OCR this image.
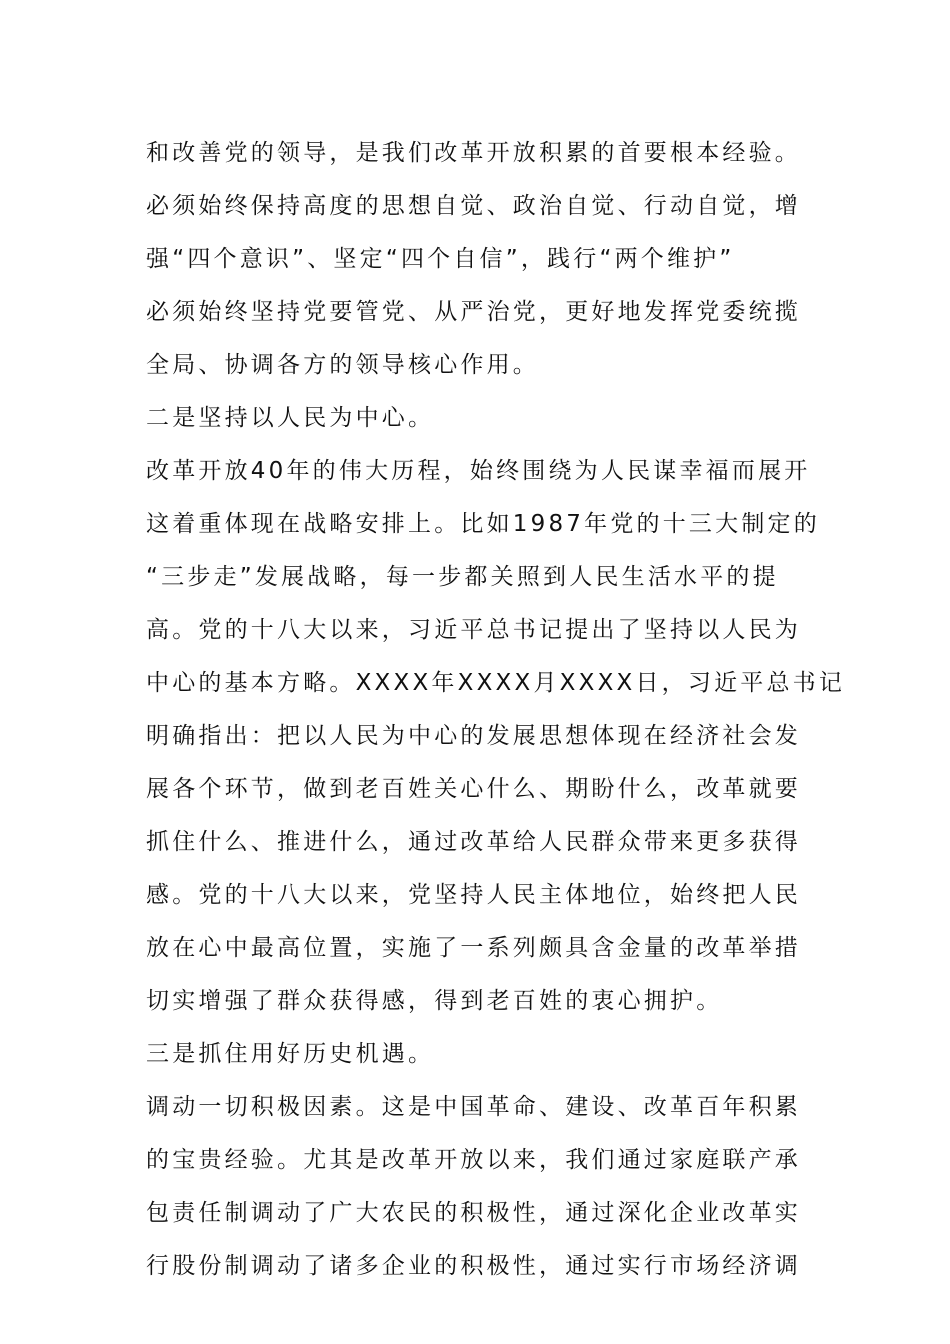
和改善党的领导，是我们改革开放积累的首要根本经验。
必须始终保持高度的思想自觉、政治自觉、行动自觉，增
强“四个意识”、坚定“四个自信”，践行“两个维护”
必须始终坚持党要管党、从严治党，更好地发挥党委统揽
全局、协调各方的领导核心作用。
二是坚持以人民为中心。
改革开放40年的伟大历程，始终围绕为人民谋幸福而展开
这着重体现在战略安排上。比如1987年党的十三大制定的
“三步走”发展战略，每一步都关照到人民生活水平的提
高。党的十八大以来，习近平总书记提出了坚持以人民为
中心的基本方略。XXXX年XXXX月XXXX日，习近平总书记
明确指出：把以人民为中心的发展思想体现在经济社会发
展各个环节，做到老百姓关心什么、期盼什么，改革就要
抓住什么、推进什么，通过改革给人民群众带来更多获得
感。党的十八大以来，党坚持人民主体地位，始终把人民
放在心中最高位置，实施了一系列颇具含金量的改革举措
切实增强了群众获得感，得到老百姓的衷心拥护。
三是抓住用好历史机遇。
调动一切积极因素。这是中国革命、建设、改革百年积累
的宝贵经验。尤其是改革开放以来，我们通过家庭联产承
包责任制调动了广大农民的积极性，通过深化企业改革实
行股份制调动了诸多企业的积极性，通过实行市场经济调
